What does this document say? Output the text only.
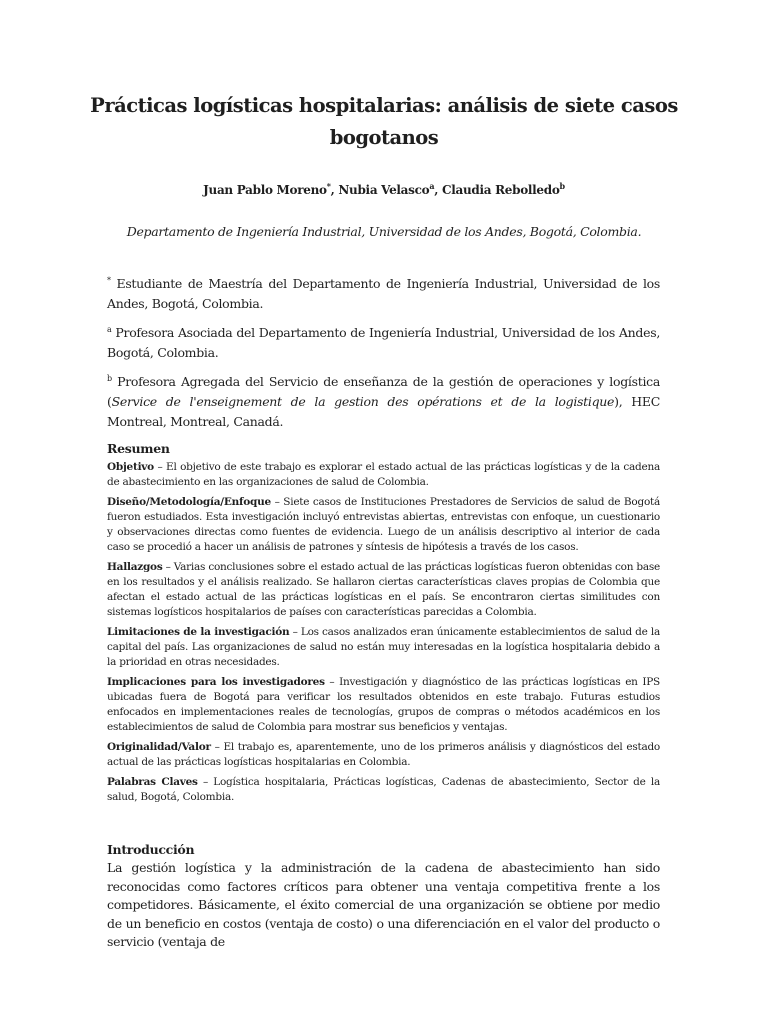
Prácticas logísticas hospitalarias: análisis de siete casos bogotanos
Juan Pablo Moreno*, Nubia Velasco$^a$, Claudia Rebolledo$^b$
Departamento de Ingeniería Industrial, Universidad de los Andes, Bogotá, Colombia.

* Estudiante de Maestría del Departamento de Ingeniería Industrial, Universidad de los Andes, Bogotá, Colombia.

$^a$ Profesora Asociada del Departamento de Ingeniería Industrial, Universidad de los Andes, Bogotá, Colombia.

$^b$ Profesora Agregada del Servicio de enseñanza de la gestión de operaciones y logística (Service de l'enseignement de la gestion des opérations et de la logistique), HEC Montreal, Montreal, Canadá.

Resumen

Objetivo – El objetivo de este trabajo es explorar el estado actual de las prácticas logísticas y de la cadena de abastecimiento en las organizaciones de salud de Colombia.

Diseño/Metodología/Enfoque – Siete casos de Instituciones Prestadores de Servicios de salud de Bogotá fueron estudiados. Esta investigación incluyó entrevistas abiertas, entrevistas con enfoque, un cuestionario y observaciones directas como fuentes de evidencia. Luego de un análisis descriptivo al interior de cada caso se procedió a hacer un análisis de patrones y síntesis de hipótesis a través de los casos.

Hallazgos – Varias conclusiones sobre el estado actual de las prácticas logísticas fueron obtenidas con base en los resultados y el análisis realizado. Se hallaron ciertas características claves propias de Colombia que afectan el estado actual de las prácticas logísticas en el país. Se encontraron ciertas similitudes con sistemas logísticos hospitalarios de países con características parecidas a Colombia.

Limitaciones de la investigación – Los casos analizados eran únicamente establecimientos de salud de la capital del país. Las organizaciones de salud no están muy interesadas en la logística hospitalaria debido a la prioridad en otras necesidades.

Implicaciones para los investigadores – Investigación y diagnóstico de las prácticas logísticas en IPS ubicadas fuera de Bogotá para verificar los resultados obtenidos en este trabajo. Futuras estudios enfocados en implementaciones reales de tecnologías, grupos de compras o métodos académicos en los establecimientos de salud de Colombia para mostrar sus beneficios y ventajas.

Originalidad/Valor – El trabajo es, aparentemente, uno de los primeros análisis y diagnósticos del estado actual de las prácticas logísticas hospitalarias en Colombia.

Palabras Claves – Logística hospitalaria, Prácticas logísticas, Cadenas de abastecimiento, Sector de la salud, Bogotá, Colombia.

Introducción

La gestión logística y la administración de la cadena de abastecimiento han sido reconocidas como factores críticos para obtener una ventaja competitiva frente a los competidores. Básicamente, el éxito comercial de una organización se obtiene por medio de un beneficio en costos (ventaja de costo) o una diferenciación en el valor del producto o servicio (ventaja de
